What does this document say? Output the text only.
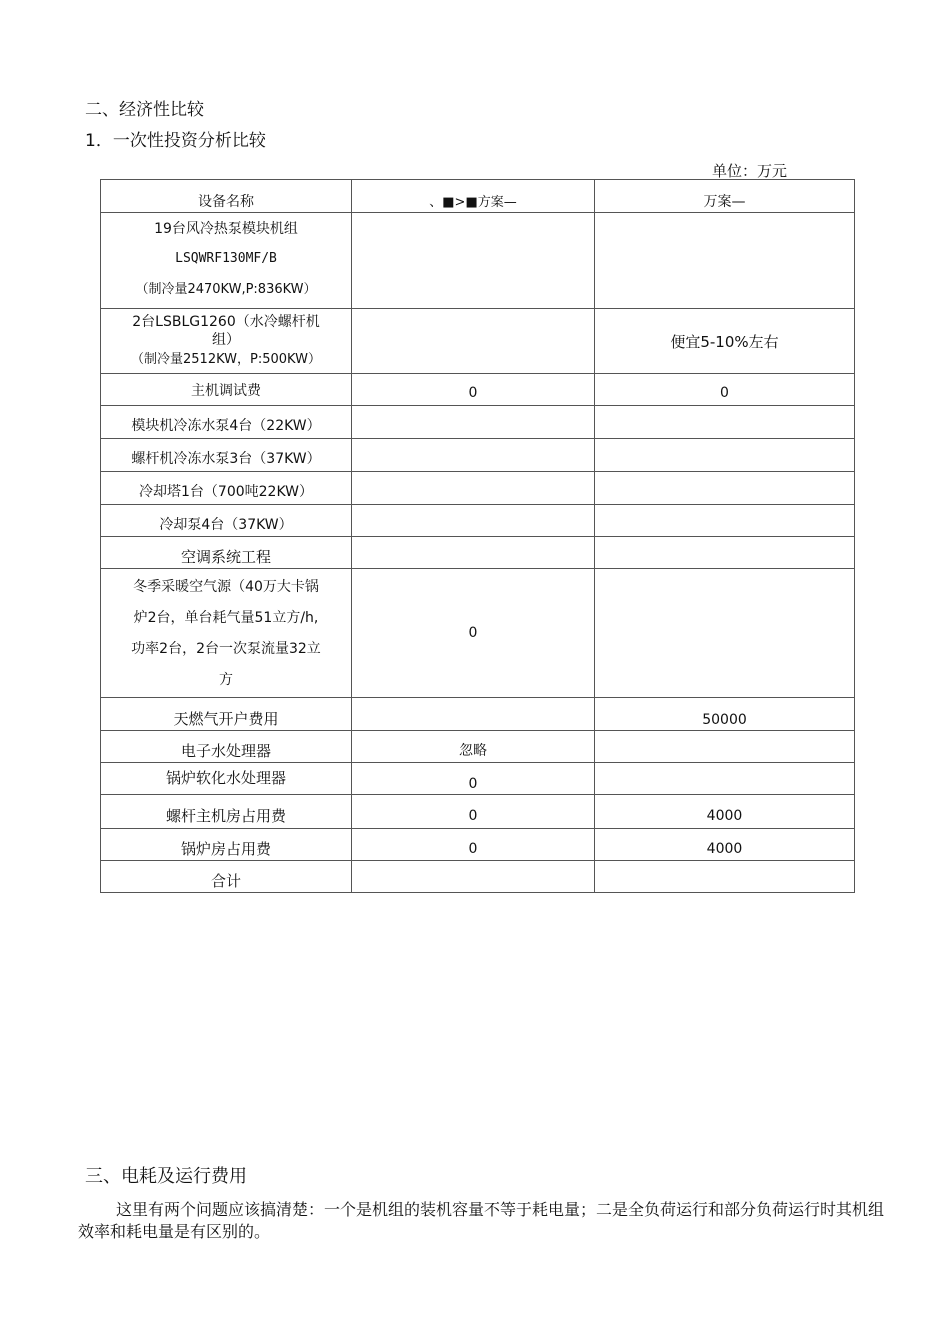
二、经济性比较
1．一次性投资分析比较
单位：万元
设备名称	、■>■方案—	万案—

19台风冷热泵模块机组
LSQWRF130MF/B
（制冷量2470KW,P:836KW）		

2台LSBLG1260（水冷螺杆机
组）
（制冷量2512KW，P:500KW）		便宜5-10%左右
主机调试费	0	0
模块机冷冻水泵4台（22KW）		
螺杆机冷冻水泵3台（37KW）		
冷却塔1台（700吨22KW）		
冷却泵4台（37KW）		
空调系统工程		

冬季采暖空气源（40万大卡锅
炉2台，单台耗气量51立方/h,
功率2台，2台一次泵流量32立
方	0	
天燃气开户费用		50000
电子水处理器	忽略	
锅炉软化水处理器	0	
螺杆主机房占用费	0	4000
锅炉房占用费	0	4000
合计		
三、电耗及运行费用
这里有两个问题应该搞清楚：一个是机组的装机容量不等于耗电量；二是全负荷运行和部分负荷运行时其机组效率和耗电量是有区别的。
